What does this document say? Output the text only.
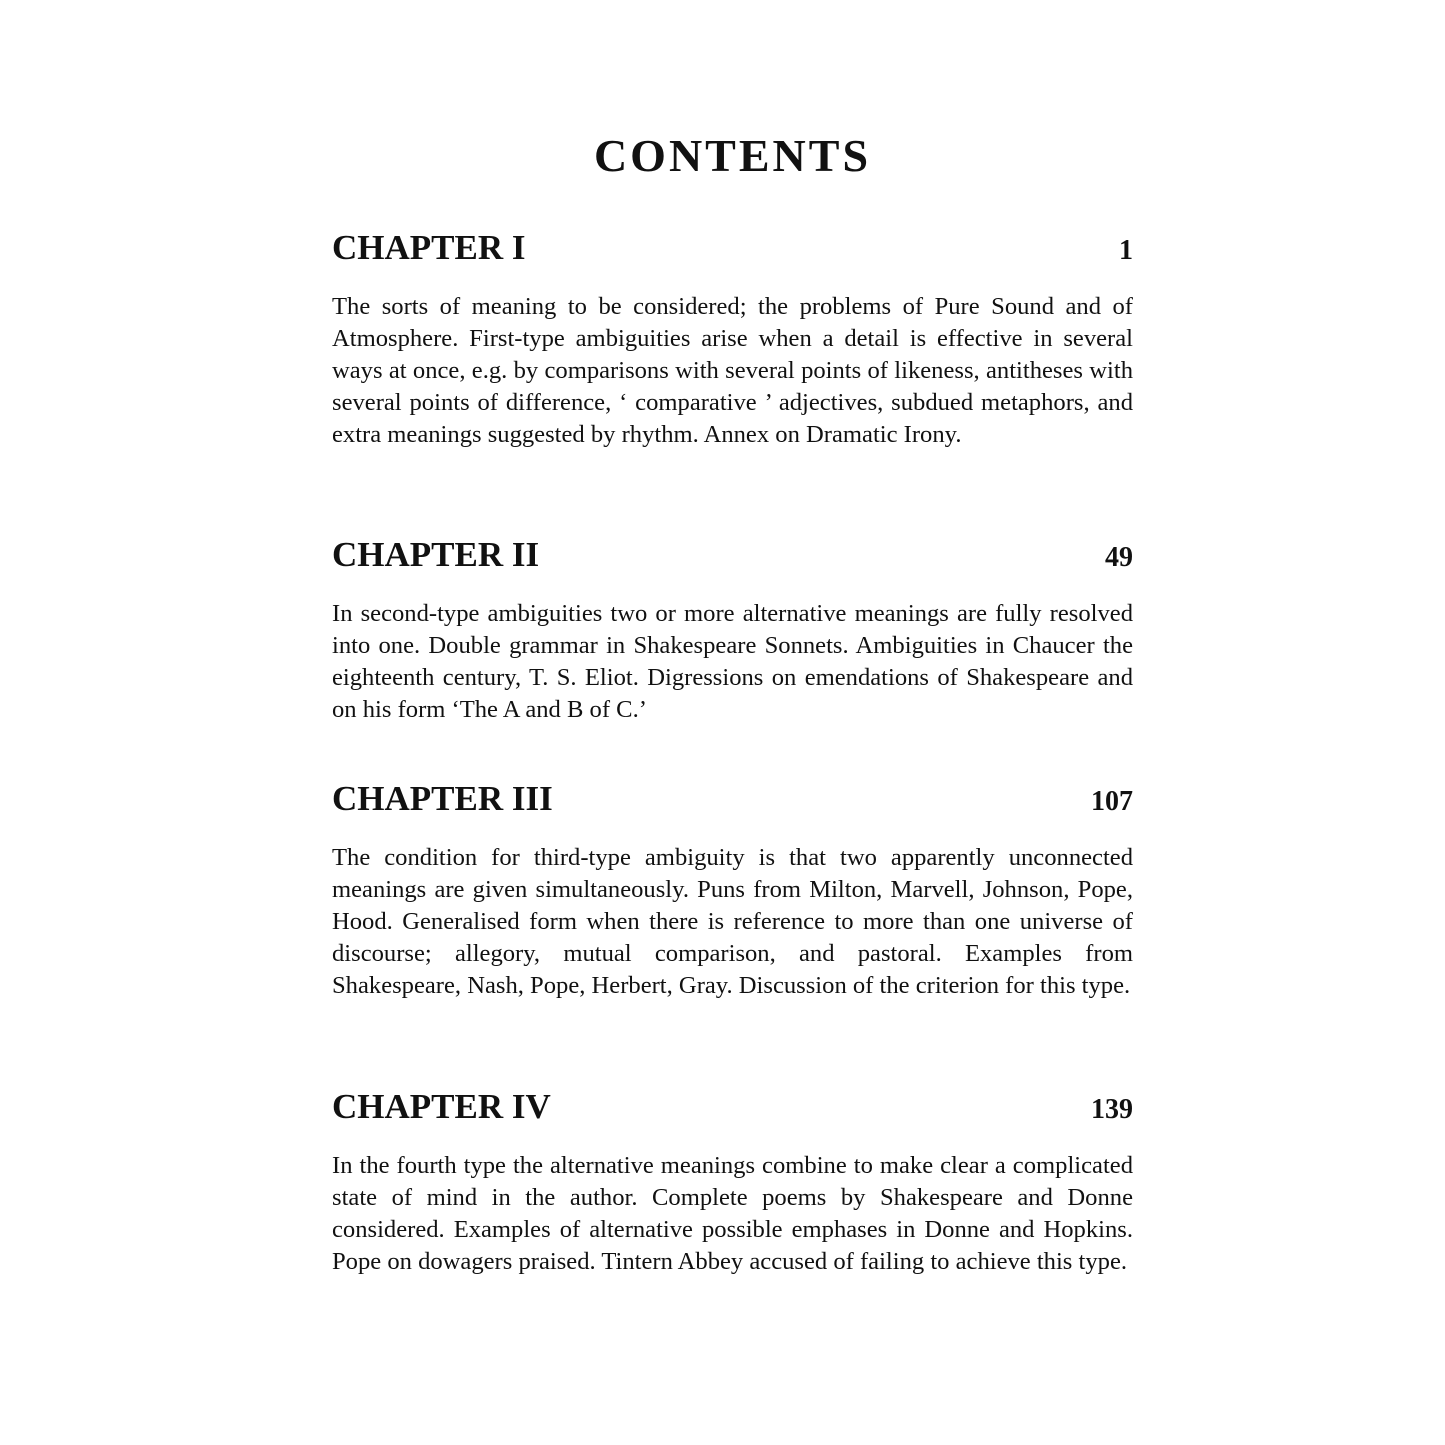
CONTENTS
CHAPTER I	1

The sorts of meaning to be considered; the problems of Pure Sound and of Atmosphere. First-type ambiguities arise when a detail is effective in several ways at once, e.g. by comparisons with several points of likeness, antitheses with several points of difference, ‘ comparative ’ adjectives, subdued metaphors, and extra meanings suggested by rhythm. Annex on Dramatic Irony.

CHAPTER II	49

In second-type ambiguities two or more alternative meanings are fully resolved into one. Double grammar in Shakespeare Sonnets. Ambiguities in Chaucer the eighteenth century, T. S. Eliot. Digressions on emendations of Shakespeare and on his form ‘The A and B of C.’

CHAPTER III	107

The condition for third-type ambiguity is that two apparently unconnected meanings are given simultaneously. Puns from Milton, Marvell, Johnson, Pope, Hood. Generalised form when there is reference to more than one universe of discourse; allegory, mutual comparison, and pastoral. Examples from Shakespeare, Nash, Pope, Herbert, Gray. Discussion of the criterion for this type.

CHAPTER IV	139

In the fourth type the alternative meanings combine to make clear a complicated state of mind in the author. Complete poems by Shakespeare and Donne considered. Examples of alternative possible emphases in Donne and Hopkins. Pope on dowagers praised. Tintern Abbey accused of failing to achieve this type.
